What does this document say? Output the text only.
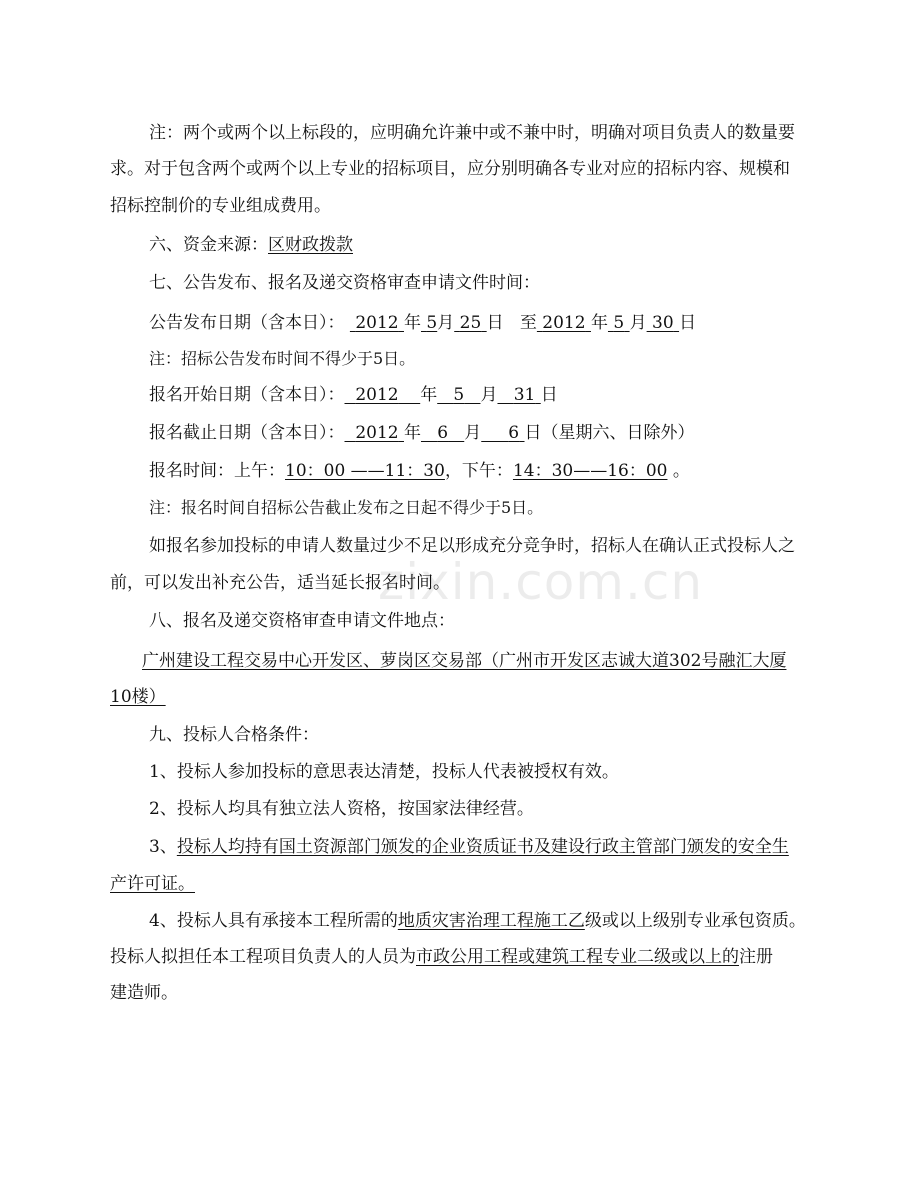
zixin.com.cn
注：两个或两个以上标段的，应明确允许兼中或不兼中时，明确对项目负责人的数量要
求。对于包含两个或两个以上专业的招标项目，应分别明确各专业对应的招标内容、规模和
招标控制价的专业组成费用。
六、资金来源：区财政拨款
七、公告发布、报名及递交资格审查申请文件时间：
公告发布日期（含本日）： 2012 年 5月 25 日 至 2012 年 5 月 30 日
注：招标公告发布时间不得少于5日。
报名开始日期（含本日）： 2012 年 5 月 31 日
报名截止日期（含本日）： 2012 年 6 月 6 日（星期六、日除外）
报名时间：上午：10：00 ——11：30，下午：14：30——16：00 。
注：报名时间自招标公告截止发布之日起不得少于5日。
如报名参加投标的申请人数量过少不足以形成充分竞争时，招标人在确认正式投标人之
前，可以发出补充公告，适当延长报名时间。
八、报名及递交资格审查申请文件地点：
广州建设工程交易中心开发区、萝岗区交易部（广州市开发区志诚大道302号融汇大厦
10楼）
九、投标人合格条件：
1、投标人参加投标的意思表达清楚，投标人代表被授权有效。
2、投标人均具有独立法人资格，按国家法律经营。
3、投标人均持有国土资源部门颁发的企业资质证书及建设行政主管部门颁发的安全生
产许可证。
4、投标人具有承接本工程所需的地质灾害治理工程施工乙级或以上级别专业承包资质。
投标人拟担任本工程项目负责人的人员为市政公用工程或建筑工程专业二级或以上的注册
建造师。
